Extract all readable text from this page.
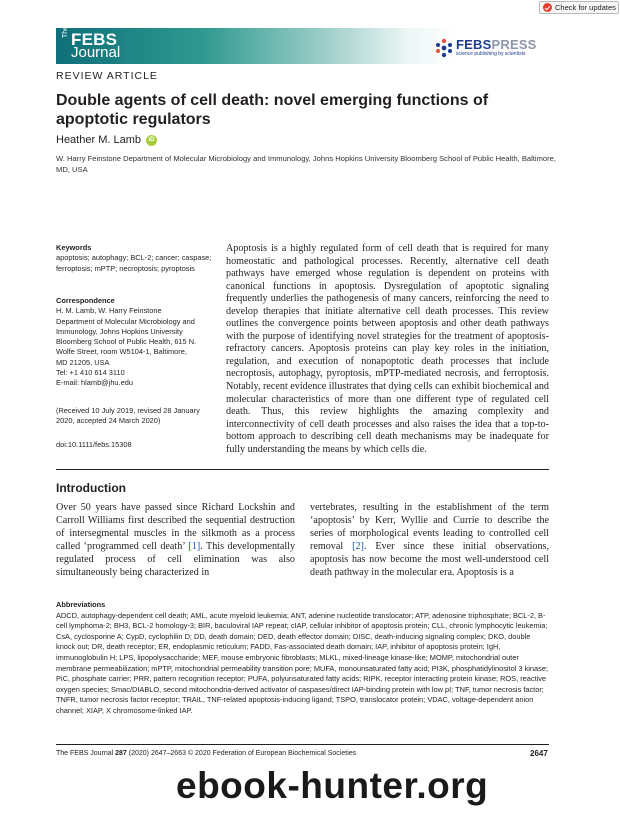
Check for updates
The FEBS
Journal	FEBSPRESS
science publishing by scientists
REVIEW ARTICLE
Double agents of cell death: novel emerging functions of apoptotic regulators
Heather M. Lamb	iD
W. Harry Feinstone Department of Molecular Microbiology and Immunology, Johns Hopkins University Bloomberg School of Public Health, Baltimore, MD, USA
Keywords
apoptosis; autophagy; BCL-2; cancer; caspase; ferroptosis; mPTP; necroptosis; pyroptosis
Correspondence
H. M. Lamb, W. Harry Feinstone
Department of Molecular Microbiology and
Immunology, Johns Hopkins University
Bloomberg School of Public Health, 615 N.
Wolfe Street, room W5104-1, Baltimore,
MD 21205, USA
Tel: +1 410 614 3110
E-mail: hlamb@jhu.edu
(Received 10 July 2019, revised 28 January 2020, accepted 24 March 2020)
doi:10.1111/febs.15308
Apoptosis is a highly regulated form of cell death that is required for many homeostatic and pathological processes. Recently, alternative cell death pathways have emerged whose regulation is dependent on proteins with canonical functions in apoptosis. Dysregulation of apoptotic signaling frequently underlies the pathogenesis of many cancers, reinforcing the need to develop therapies that initiate alternative cell death processes. This review outlines the convergence points between apoptosis and other death pathways with the purpose of identifying novel strategies for the treatment of apoptosis-refractory cancers. Apoptosis proteins can play key roles in the initiation, regulation, and execution of nonapoptotic death processes that include necroptosis, autophagy, pyroptosis, mPTP-mediated necrosis, and ferroptosis. Notably, recent evidence illustrates that dying cells can exhibit biochemical and molecular characteristics of more than one different type of regulated cell death. Thus, this review highlights the amazing complexity and interconnectivity of cell death processes and also raises the idea that a top-to-bottom approach to describing cell death mechanisms may be inadequate for fully understanding the means by which cells die.
Introduction
Over 50 years have passed since Richard Lockshin and Carroll Williams first described the sequential destruction of intersegmental muscles in the silkmoth as a process called ‘programmed cell death’ [1]. This developmentally regulated process of cell elimination was also simultaneously being characterized in
vertebrates, resulting in the establishment of the term ‘apoptosis’ by Kerr, Wyllie and Currie to describe the series of morphological events leading to controlled cell removal [2]. Ever since these initial observations, apoptosis has now become the most well-understood cell death pathway in the molecular era. Apoptosis is a
Abbreviations
ADCD, autophagy-dependent cell death; AML, acute myeloid leukemia; ANT, adenine nucleotide translocator; ATP, adenosine triphosphate; BCL-2, B-cell lymphoma-2; BH3, BCL-2 homology-3; BIR, baculoviral IAP repeat; cIAP, cellular inhibitor of apoptosis protein; CLL, chronic lymphocytic leukemia; CsA, cyclosporine A; CypD, cyclophilin D; DD, death domain; DED, death effector domain; DISC, death-inducing signaling complex; DKO, double knock out; DR, death receptor; ER, endoplasmic reticulum; FADD, Fas-associated death domain; IAP, inhibitor of apoptosis protein; IgH, immunoglobulin H; LPS, lipopolysaccharide; MEF, mouse embryonic fibroblasts; MLKL, mixed-lineage kinase-like; MOMP, mitochondrial outer membrane permeabilization; mPTP, mitochondrial permeability transition pore; MUFA, monounsaturated fatty acid; PI3K, phosphatidylinositol 3 kinase; PiC, phosphate carrier; PRR, pattern recognition receptor; PUFA, polyunsaturated fatty acids; RIPK, receptor interacting protein kinase; ROS, reactive oxygen species; Smac/DIABLO, second mitochondria-derived activator of caspases/direct IAP-binding protein with low pI; TNF, tumor necrosis factor; TNFR, tumor necrosis factor receptor; TRAIL, TNF-related apoptosis-inducing ligand; TSPO, translocator protein; VDAC, voltage-dependent anion channel; XIAP, X chromosome-linked IAP.
The FEBS Journal 287 (2020) 2647–2663 © 2020 Federation of European Biochemical Societies	2647
ebook-hunter.org
